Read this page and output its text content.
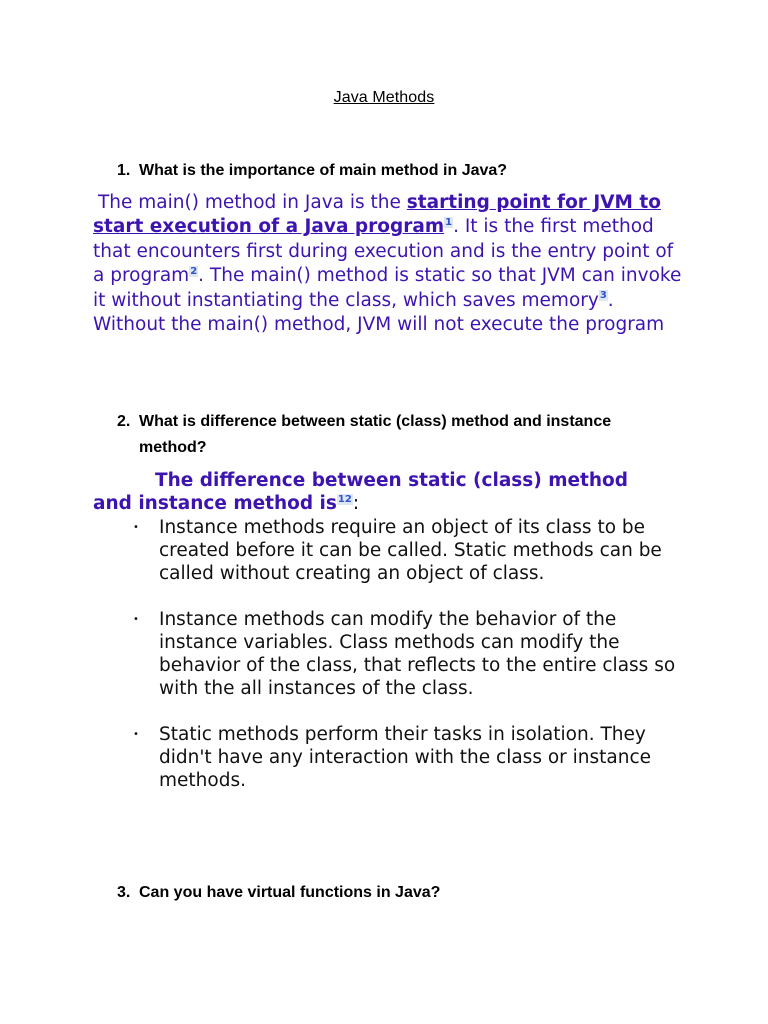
Java Methods
1. What is the importance of main method in Java?
The main() method in Java is the starting point for JVM to start execution of a Java program$^1$. It is the first method that encounters first during execution and is the entry point of a program$^2$. The main() method is static so that JVM can invoke it without instantiating the class, which saves memory$^3$. Without the main() method, JVM will not execute the program
2. What is difference between static (class) method and instance method?
The difference between static (class) method and instance method is$^{12}$:
•	Instance methods require an object of its class to be created before it can be called. Static methods can be called without creating an object of class.
•	Instance methods can modify the behavior of the instance variables. Class methods can modify the behavior of the class, that reflects to the entire class so with the all instances of the class.
•	Static methods perform their tasks in isolation. They didn't have any interaction with the class or instance methods.
3. Can you have virtual functions in Java?
